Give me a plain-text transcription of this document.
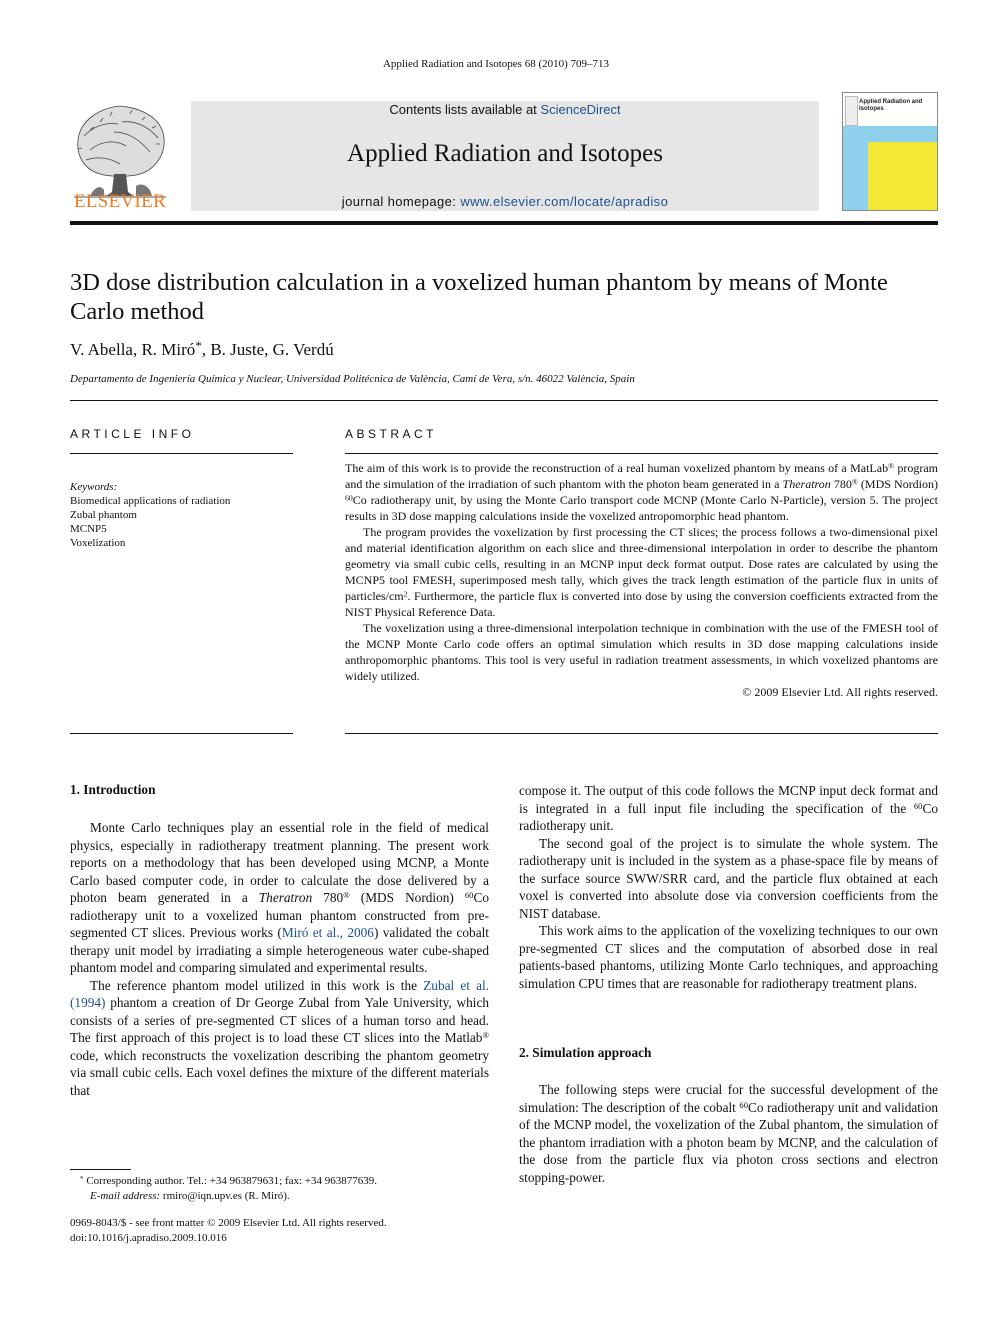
Applied Radiation and Isotopes 68 (2010) 709–713
ELSEVIER
Contents lists available at ScienceDirect
Applied Radiation and Isotopes
journal homepage: www.elsevier.com/locate/apradiso
Applied Radiation and Isotopes
3D dose distribution calculation in a voxelized human phantom by means of Monte Carlo method
V. Abella, R. Miró*, B. Juste, G. Verdú
Departamento de Ingeniería Química y Nuclear, Universidad Politécnica de València, Camí de Vera, s/n. 46022 València, Spain
ARTICLE INFO
Keywords:
Biomedical applications of radiation
Zubal phantom
MCNP5
Voxelization
ABSTRACT

The aim of this work is to provide the reconstruction of a real human voxelized phantom by means of a MatLab® program and the simulation of the irradiation of such phantom with the photon beam generated in a Theratron 780® (MDS Nordion) $^{60}$Co radiotherapy unit, by using the Monte Carlo transport code MCNP (Monte Carlo N-Particle), version 5. The project results in 3D dose mapping calculations inside the voxelized antropomorphic head phantom.

The program provides the voxelization by first processing the CT slices; the process follows a two-dimensional pixel and material identification algorithm on each slice and three-dimensional interpolation in order to describe the phantom geometry via small cubic cells, resulting in an MCNP input deck format output. Dose rates are calculated by using the MCNP5 tool FMESH, superimposed mesh tally, which gives the track length estimation of the particle flux in units of particles/$cm^2$. Furthermore, the particle flux is converted into dose by using the conversion coefficients extracted from the NIST Physical Reference Data.

The voxelization using a three-dimensional interpolation technique in combination with the use of the FMESH tool of the MCNP Monte Carlo code offers an optimal simulation which results in 3D dose mapping calculations inside anthropomorphic phantoms. This tool is very useful in radiation treatment assessments, in which voxelized phantoms are widely utilized.

© 2009 Elsevier Ltd. All rights reserved.
1. Introduction

Monte Carlo techniques play an essential role in the field of medical physics, especially in radiotherapy treatment planning. The present work reports on a methodology that has been developed using MCNP, a Monte Carlo based computer code, in order to calculate the dose delivered by a photon beam generated in a Theratron 780® (MDS Nordion) $^{60}$Co radiotherapy unit to a voxelized human phantom constructed from pre-segmented CT slices. Previous works (Miró et al., 2006) validated the cobalt therapy unit model by irradiating a simple heterogeneous water cube-shaped phantom model and comparing simulated and experimental results.

The reference phantom model utilized in this work is the Zubal et al. (1994) phantom a creation of Dr George Zubal from Yale University, which consists of a series of pre-segmented CT slices of a human torso and head. The first approach of this project is to load these CT slices into the Matlab® code, which reconstructs the voxelization describing the phantom geometry via small cubic cells. Each voxel defines the mixture of the different materials that

* Corresponding author. Tel.: +34 963879631; fax: +34 963877639.
E-mail address: rmiro@iqn.upv.es (R. Miró).
0969-8043/$ - see front matter © 2009 Elsevier Ltd. All rights reserved.
doi:10.1016/j.apradiso.2009.10.016

compose it. The output of this code follows the MCNP input deck format and is integrated in a full input file including the specification of the $^{60}$Co radiotherapy unit.

The second goal of the project is to simulate the whole system. The radiotherapy unit is included in the system as a phase-space file by means of the surface source SWW/SRR card, and the particle flux obtained at each voxel is converted into absolute dose via conversion coefficients from the NIST database.

This work aims to the application of the voxelizing techniques to our own pre-segmented CT slices and the computation of absorbed dose in real patients-based phantoms, utilizing Monte Carlo techniques, and approaching simulation CPU times that are reasonable for radiotherapy treatment plans.

2. Simulation approach

The following steps were crucial for the successful development of the simulation: The description of the cobalt $^{60}$Co radiotherapy unit and validation of the MCNP model, the voxelization of the Zubal phantom, the simulation of the phantom irradiation with a photon beam by MCNP, and the calculation of the dose from the particle flux via photon cross sections and electron stopping-power.
